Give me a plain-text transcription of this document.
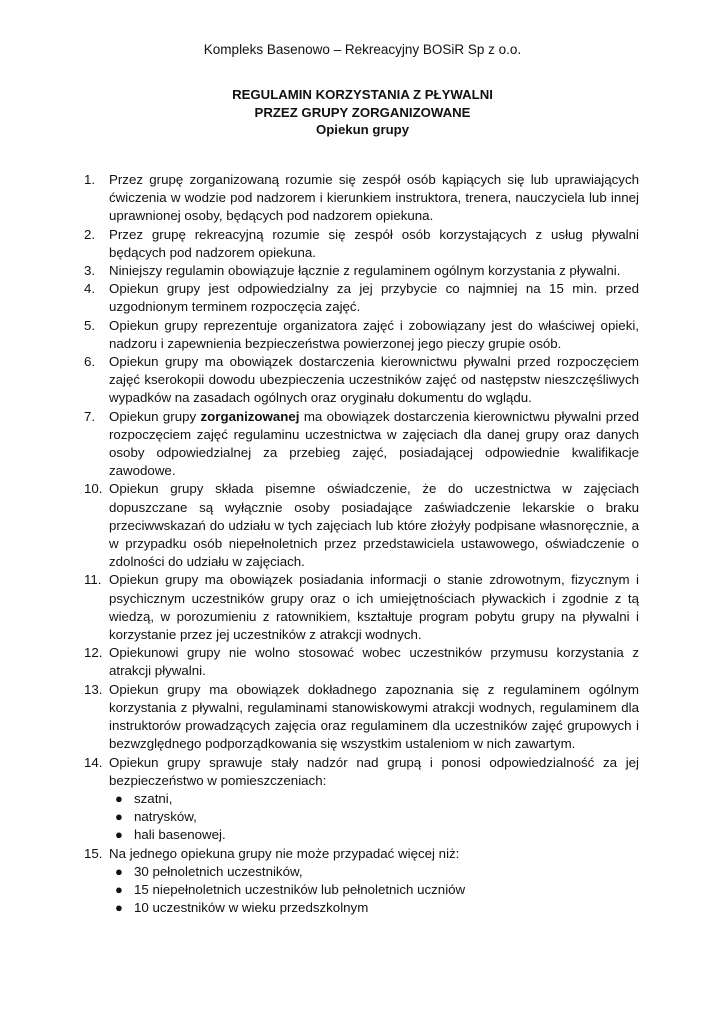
Kompleks Basenowo – Rekreacyjny BOSiR Sp z o.o.
REGULAMIN KORZYSTANIA Z PŁYWALNI
PRZEZ GRUPY ZORGANIZOWANE
Opiekun grupy
1. Przez grupę zorganizowaną rozumie się zespół osób kąpiących się lub uprawiających ćwiczenia w wodzie pod nadzorem i kierunkiem instruktora, trenera, nauczyciela lub innej uprawnionej osoby, będących pod nadzorem opiekuna.
2. Przez grupę rekreacyjną rozumie się zespół osób korzystających z usług pływalni będących pod nadzorem opiekuna.
3. Niniejszy regulamin obowiązuje łącznie z regulaminem ogólnym korzystania z pływalni.
4. Opiekun grupy jest odpowiedzialny za jej przybycie co najmniej na 15 min. przed uzgodnionym terminem rozpoczęcia zajęć.
5. Opiekun grupy reprezentuje organizatora zajęć i zobowiązany jest do właściwej opieki, nadzoru i zapewnienia bezpieczeństwa powierzonej jego pieczy grupie osób.
6. Opiekun grupy ma obowiązek dostarczenia kierownictwu pływalni przed rozpoczęciem zajęć kserokopii dowodu ubezpieczenia uczestników zajęć od następstw nieszczęśliwych wypadków na zasadach ogólnych oraz oryginału dokumentu do wglądu.
7. Opiekun grupy zorganizowanej ma obowiązek dostarczenia kierownictwu pływalni przed rozpoczęciem zajęć regulaminu uczestnictwa w zajęciach dla danej grupy oraz danych osoby odpowiedzialnej za przebieg zajęć, posiadającej odpowiednie kwalifikacje zawodowe.
10. Opiekun grupy składa pisemne oświadczenie, że do uczestnictwa w zajęciach dopuszczane są wyłącznie osoby posiadające zaświadczenie lekarskie o braku przeciwwskazań do udziału w tych zajęciach lub które złożyły podpisane własnoręcznie, a w przypadku osób niepełnoletnich przez przedstawiciela ustawowego, oświadczenie o zdolności do udziału w zajęciach.
11. Opiekun grupy ma obowiązek posiadania informacji o stanie zdrowotnym, fizycznym i psychicznym uczestników grupy oraz o ich umiejętnościach pływackich i zgodnie z tą wiedzą, w porozumieniu z ratownikiem, kształtuje program pobytu grupy na pływalni i korzystanie przez jej uczestników z atrakcji wodnych.
12. Opiekunowi grupy nie wolno stosować wobec uczestników przymusu korzystania z atrakcji pływalni.
13. Opiekun grupy ma obowiązek dokładnego zapoznania się z regulaminem ogólnym korzystania z pływalni, regulaminami stanowiskowymi atrakcji wodnych, regulaminem dla instruktorów prowadzących zajęcia oraz regulaminem dla uczestników zajęć grupowych i bezwzględnego podporządkowania się wszystkim ustaleniom w nich zawartym.
14. Opiekun grupy sprawuje stały nadzór nad grupą i ponosi odpowiedzialność za jej bezpieczeństwo w pomieszczeniach:
● szatni,
● natrysków,
● hali basenowej.
15. Na jednego opiekuna grupy nie może przypadać więcej niż:
● 30 pełnoletnich uczestników,
● 15 niepełnoletnich uczestników lub pełnoletnich uczniów
● 10 uczestników w wieku przedszkolnym
